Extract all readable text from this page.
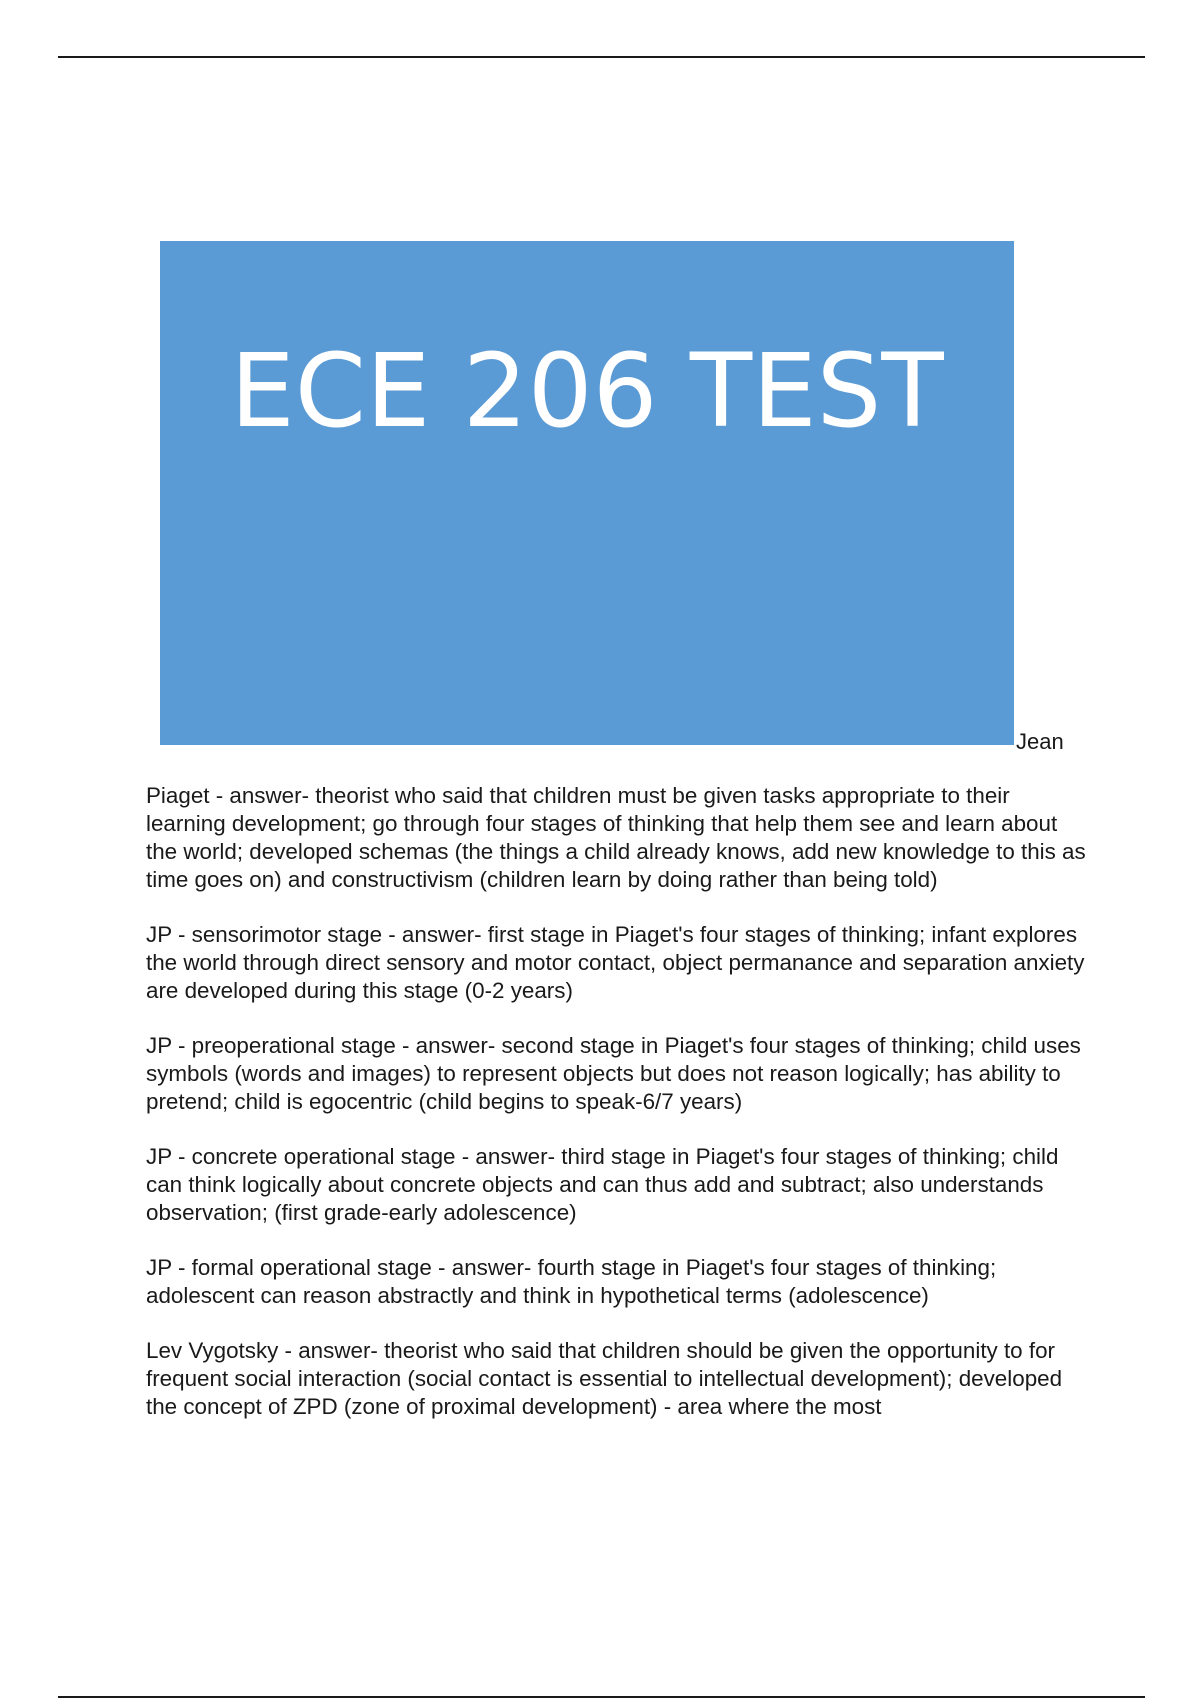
ECE 206 TEST
Jean

Piaget - answer- theorist who said that children must be given tasks appropriate to their learning development; go through four stages of thinking that help them see and learn about the world; developed schemas (the things a child already knows, add new knowledge to this as time goes on) and constructivism (children learn by doing rather than being told)

JP - sensorimotor stage - answer- first stage in Piaget's four stages of thinking; infant explores the world through direct sensory and motor contact, object permanance and separation anxiety are developed during this stage (0-2 years)

JP - preoperational stage - answer- second stage in Piaget's four stages of thinking; child uses symbols (words and images) to represent objects but does not reason logically; has ability to pretend; child is egocentric (child begins to speak-6/7 years)

JP - concrete operational stage - answer- third stage in Piaget's four stages of thinking; child can think logically about concrete objects and can thus add and subtract; also understands observation; (first grade-early adolescence)

JP - formal operational stage - answer- fourth stage in Piaget's four stages of thinking; adolescent can reason abstractly and think in hypothetical terms (adolescence)

Lev Vygotsky - answer- theorist who said that children should be given the opportunity to for frequent social interaction (social contact is essential to intellectual development); developed the concept of ZPD (zone of proximal development) - area where the most
